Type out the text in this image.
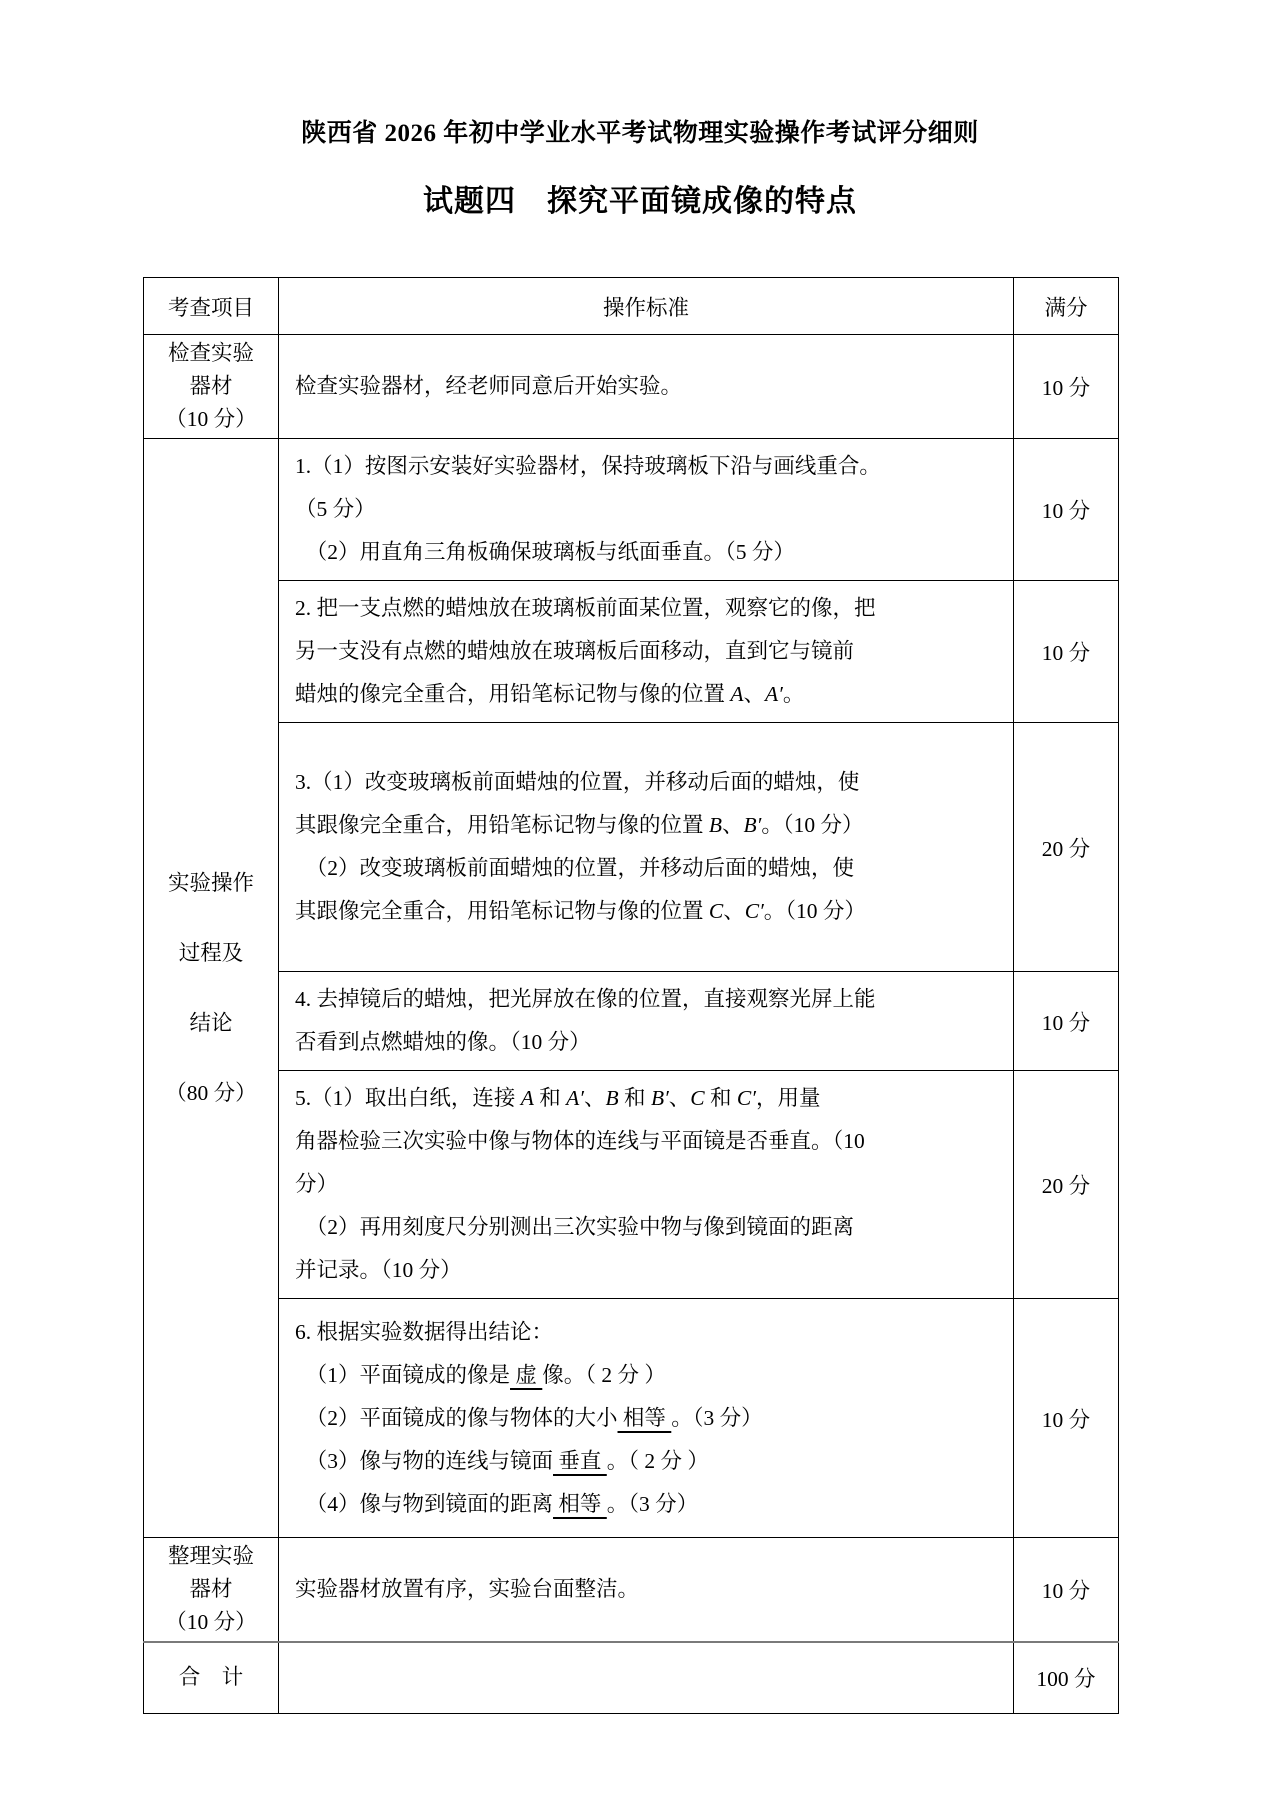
陕西省 2026 年初中学业水平考试物理实验操作考试评分细则

试题四　探究平面镜成像的特点

考查项目	操作标准	满分

检查实验
器材
（10 分）	检查实验器材，经老师同意后开始实验。	10 分

实验操作
过程及
结论
（80 分）

1.（1）按图示安装好实验器材，保持玻璃板下沿与画线重合。
（5 分）
　（2）用直角三角板确保玻璃板与纸面垂直。（5 分）
	10 分

	2. 把一支点燃的蜡烛放在玻璃板前面某位置，观察它的像，把
另一支没有点燃的蜡烛放在玻璃板后面移动，直到它与镜前
蜡烛的像完全重合，用铅笔标记物与像的位置 A、A′。	10 分

	3.（1）改变玻璃板前面蜡烛的位置，并移动后面的蜡烛，使
其跟像完全重合，用铅笔标记物与像的位置 B、B′。（10 分）
　（2）改变玻璃板前面蜡烛的位置，并移动后面的蜡烛，使
其跟像完全重合，用铅笔标记物与像的位置 C、C′。（10 分）	20 分

	4. 去掉镜后的蜡烛，把光屏放在像的位置，直接观察光屏上能
否看到点燃蜡烛的像。（10 分）	10 分

	5.（1）取出白纸，连接 A 和 A′、B 和 B′、C 和 C′，用量
角器检验三次实验中像与物体的连线与平面镜是否垂直。（10
分）
　（2）再用刻度尺分别测出三次实验中物与像到镜面的距离
并记录。（10 分）	20 分

	6. 根据实验数据得出结论：
　（1）平面镜成的像是 虚 像。（ 2 分 ）
　（2）平面镜成的像与物体的大小 相等 。（3 分）
　（3）像与物的连线与镜面 垂直 。（ 2 分 ）
　（4）像与物到镜面的距离 相等 。（3 分）	10 分

整理实验
器材
（10 分）	实验器材放置有序，实验台面整洁。	10 分

合　计		100 分
